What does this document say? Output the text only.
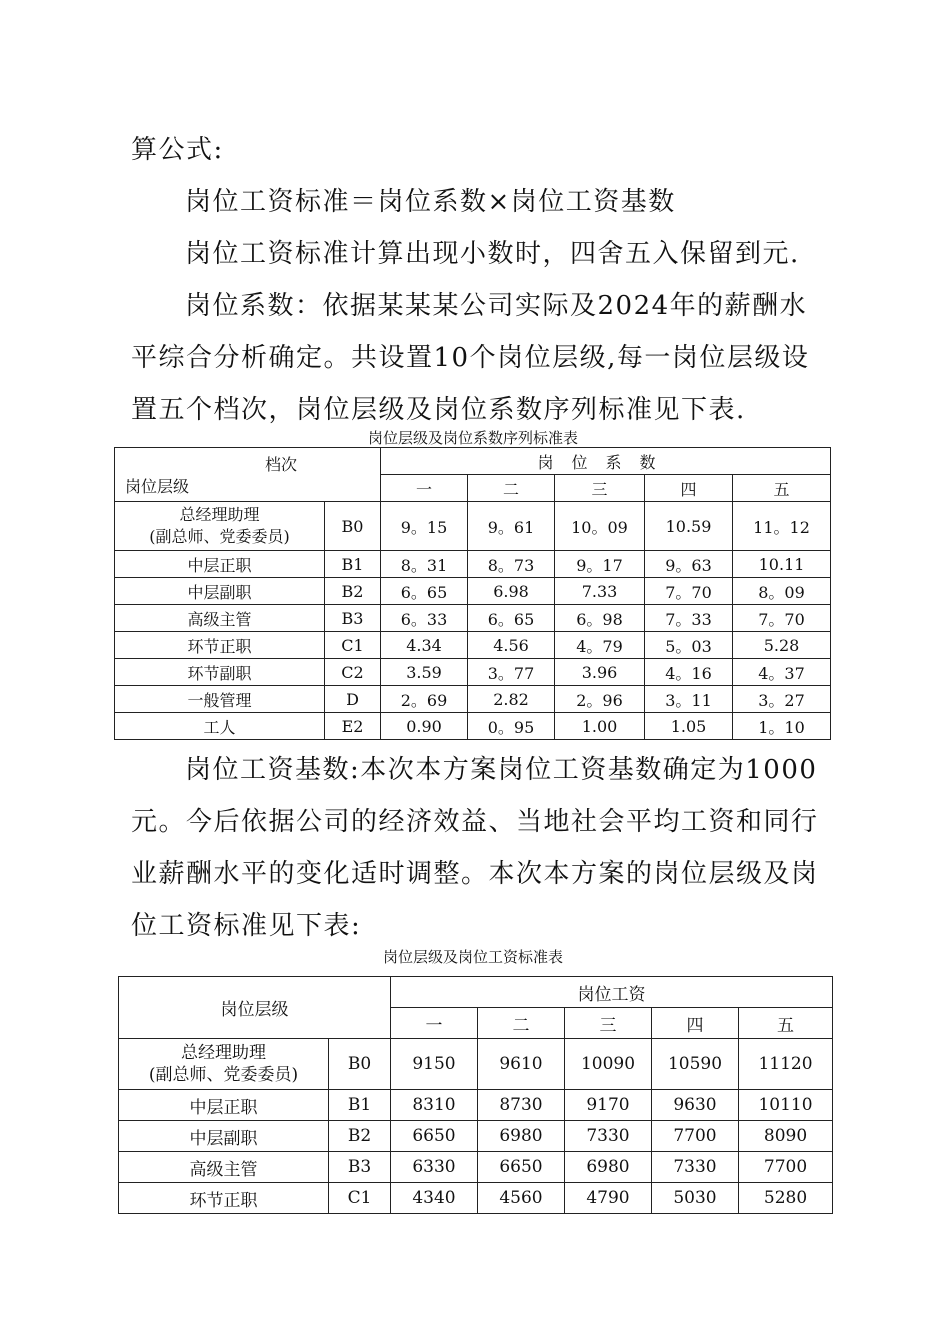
算公式:

岗位工资标准＝岗位系数×岗位工资基数

岗位工资标准计算出现小数时，四舍五入保留到元.

岗位系数：依据某某某公司实际及2024年的薪酬水平综合分析确定。共设置10个岗位层级,每一岗位层级设置五个档次，岗位层级及岗位系数序列标准见下表.

岗位层级及岗位系数序列标准表

档次
岗位层级		岗位系数				
		一	二	三	四	五

总经理助理
(副总师、党委委员)	B0	9。15	9。61	10。09	10.59	11。12
中层正职	B1	8。31	8。73	9。17	9。63	10.11
中层副职	B2	6。65	6.98	7.33	7。70	8。09
高级主管	B3	6。33	6。65	6。98	7。33	7。70
环节正职	C1	4.34	4.56	4。79	5。03	5.28
环节副职	C2	3.59	3。77	3.96	4。16	4。37
一般管理	D	2。69	2.82	2。96	3。11	3。27
工人	E2	0.90	0。95	1.00	1.05	1。10

岗位工资基数:本次本方案岗位工资基数确定为1000元。今后依据公司的经济效益、当地社会平均工资和同行业薪酬水平的变化适时调整。本次本方案的岗位层级及岗位工资标准见下表:

岗位层级及岗位工资标准表

岗位层级		岗位工资				
		一	二	三	四	五

总经理助理
(副总师、党委委员)	B0	9150	9610	10090	10590	11120
中层正职	B1	8310	8730	9170	9630	10110
中层副职	B2	6650	6980	7330	7700	8090
高级主管	B3	6330	6650	6980	7330	7700
环节正职	C1	4340	4560	4790	5030	5280
